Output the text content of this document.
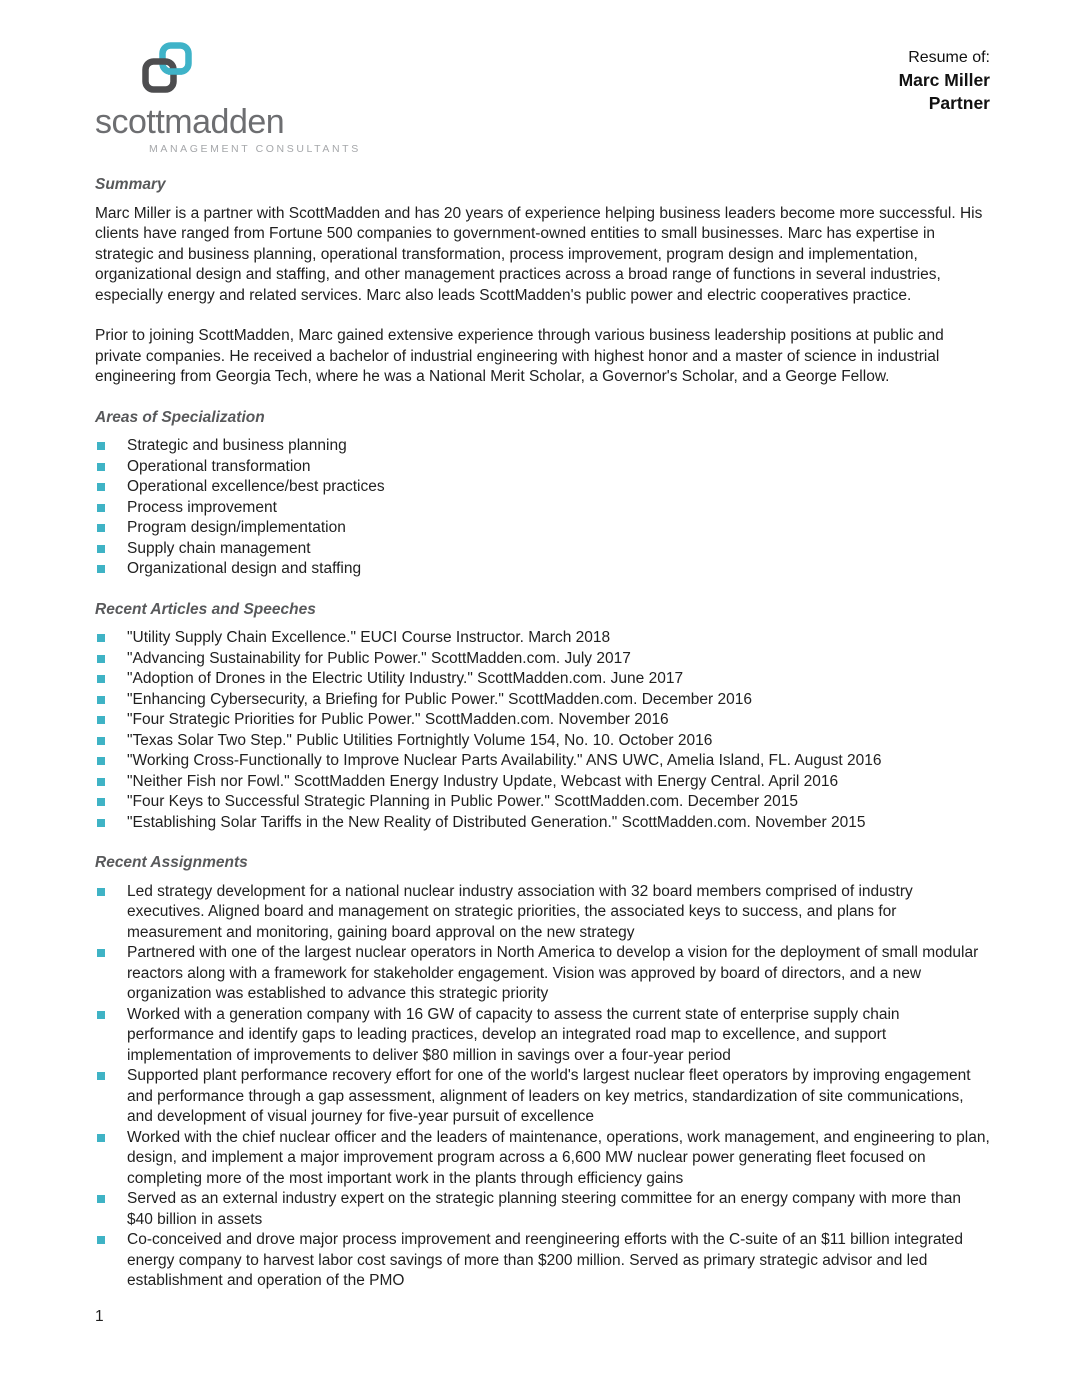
scottmadden
MANAGEMENT CONSULTANTS
Resume of:
Marc Miller
Partner
Summary

Marc Miller is a partner with ScottMadden and has 20 years of experience helping business leaders become more successful. His clients have ranged from Fortune 500 companies to government-owned entities to small businesses. Marc has expertise in strategic and business planning, operational transformation, process improvement, program design and implementation, organizational design and staffing, and other management practices across a broad range of functions in several industries, especially energy and related services. Marc also leads ScottMadden's public power and electric cooperatives practice.

Prior to joining ScottMadden, Marc gained extensive experience through various business leadership positions at public and private companies. He received a bachelor of industrial engineering with highest honor and a master of science in industrial engineering from Georgia Tech, where he was a National Merit Scholar, a Governor's Scholar, and a George Fellow.

Areas of Specialization
Strategic and business planning
Operational transformation
Operational excellence/best practices
Process improvement
Program design/implementation
Supply chain management
Organizational design and staffing
Recent Articles and Speeches
"Utility Supply Chain Excellence." EUCI Course Instructor. March 2018
"Advancing Sustainability for Public Power." ScottMadden.com. July 2017
"Adoption of Drones in the Electric Utility Industry." ScottMadden.com. June 2017
"Enhancing Cybersecurity, a Briefing for Public Power." ScottMadden.com. December 2016
"Four Strategic Priorities for Public Power." ScottMadden.com. November 2016
"Texas Solar Two Step." Public Utilities Fortnightly Volume 154, No. 10. October 2016
"Working Cross-Functionally to Improve Nuclear Parts Availability." ANS UWC, Amelia Island, FL. August 2016
"Neither Fish nor Fowl." ScottMadden Energy Industry Update, Webcast with Energy Central. April 2016
"Four Keys to Successful Strategic Planning in Public Power." ScottMadden.com. December 2015
"Establishing Solar Tariffs in the New Reality of Distributed Generation." ScottMadden.com. November 2015
Recent Assignments
Led strategy development for a national nuclear industry association with 32 board members comprised of industry executives. Aligned board and management on strategic priorities, the associated keys to success, and plans for measurement and monitoring, gaining board approval on the new strategy
Partnered with one of the largest nuclear operators in North America to develop a vision for the deployment of small modular reactors along with a framework for stakeholder engagement. Vision was approved by board of directors, and a new organization was established to advance this strategic priority
Worked with a generation company with 16 GW of capacity to assess the current state of enterprise supply chain performance and identify gaps to leading practices, develop an integrated road map to excellence, and support implementation of improvements to deliver $80 million in savings over a four-year period
Supported plant performance recovery effort for one of the world's largest nuclear fleet operators by improving engagement and performance through a gap assessment, alignment of leaders on key metrics, standardization of site communications, and development of visual journey for five-year pursuit of excellence
Worked with the chief nuclear officer and the leaders of maintenance, operations, work management, and engineering to plan, design, and implement a major improvement program across a 6,600 MW nuclear power generating fleet focused on completing more of the most important work in the plants through efficiency gains
Served as an external industry expert on the strategic planning steering committee for an energy company with more than $40 billion in assets
Co-conceived and drove major process improvement and reengineering efforts with the C-suite of an $11 billion integrated energy company to harvest labor cost savings of more than $200 million. Served as primary strategic advisor and led establishment and operation of the PMO
1
